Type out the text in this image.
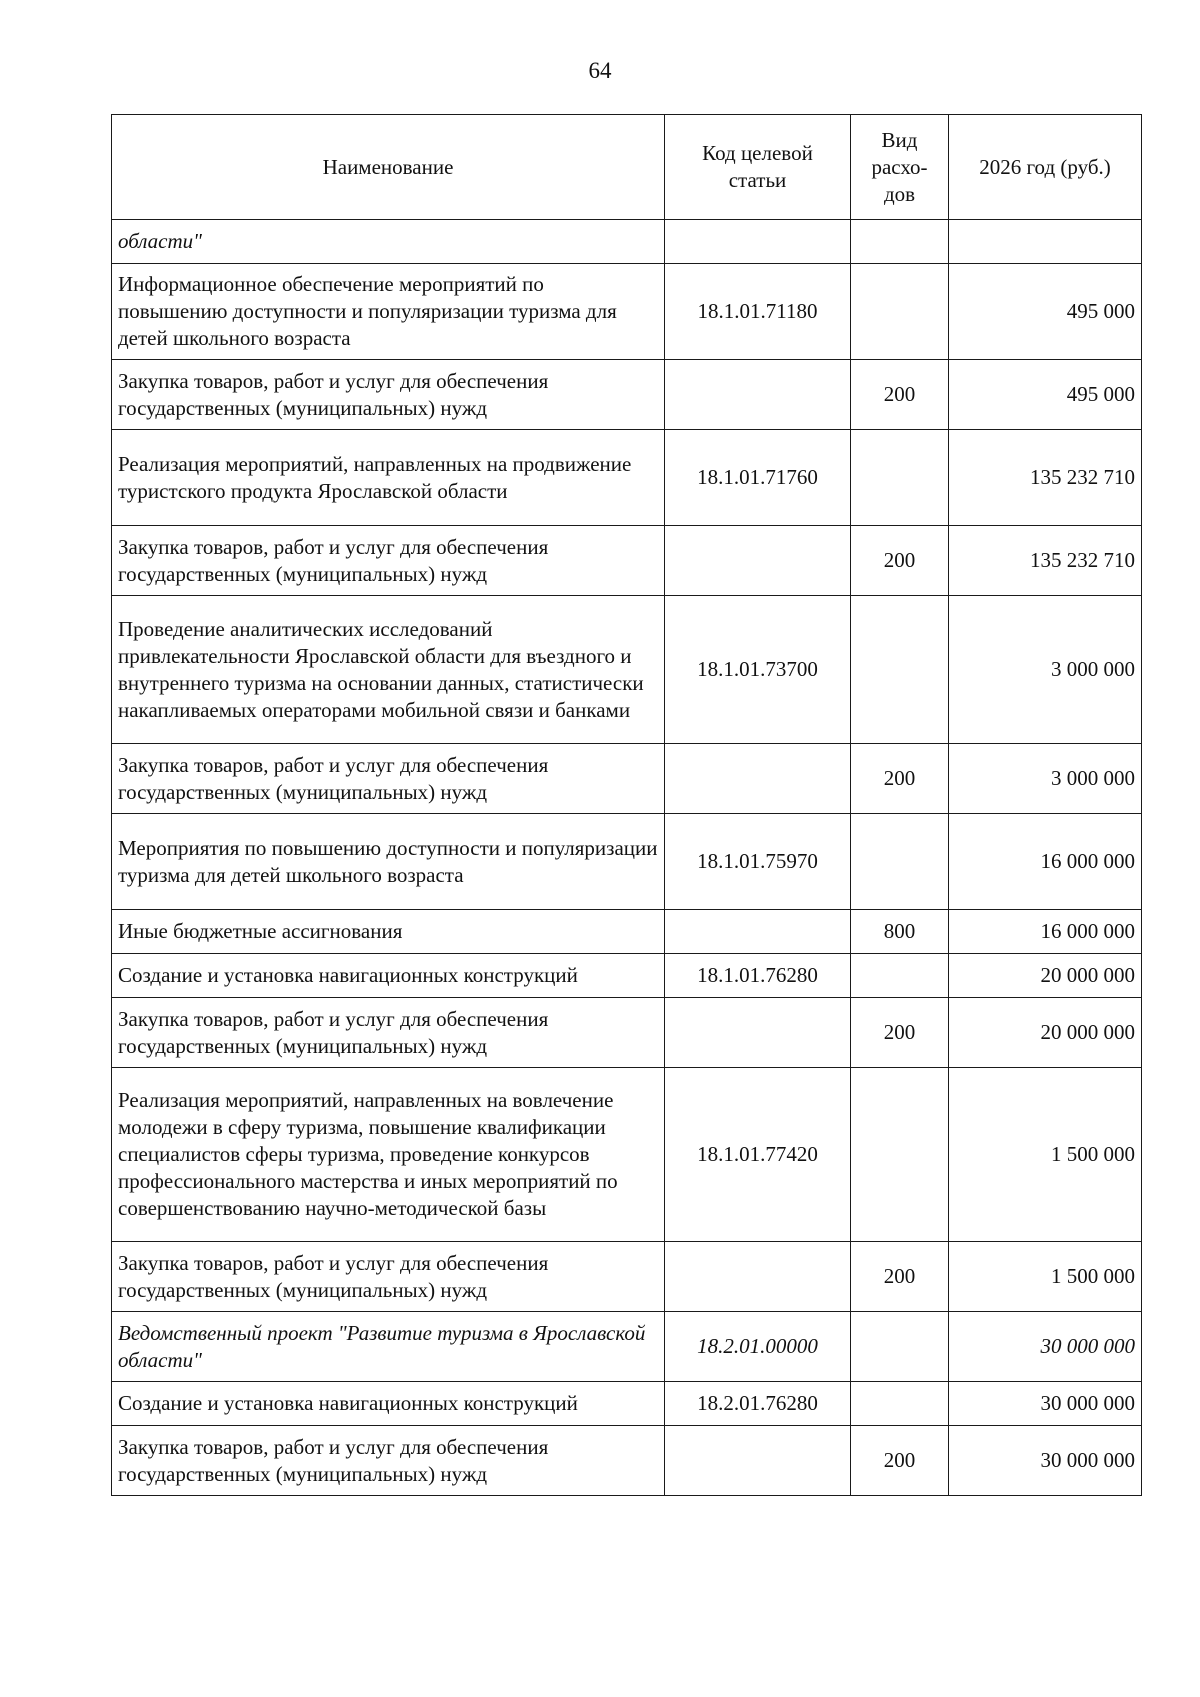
64
Наименование	Код целевой статьи	Вид расхо-дов	2026 год (руб.)
области"			
Информационное обеспечение мероприятий по повышению доступности и популяризации туризма для детей школьного возраста	18.1.01.71180		495 000
Закупка товаров, работ и услуг для обеспечения государственных (муниципальных) нужд		200	495 000
Реализация мероприятий, направленных на продвижение туристского продукта Ярославской области	18.1.01.71760		135 232 710
Закупка товаров, работ и услуг для обеспечения государственных (муниципальных) нужд		200	135 232 710
Проведение аналитических исследований привлекательности Ярославской области для въездного и внутреннего туризма на основании данных, статистически накапливаемых операторами мобильной связи и банками	18.1.01.73700		3 000 000
Закупка товаров, работ и услуг для обеспечения государственных (муниципальных) нужд		200	3 000 000
Мероприятия по повышению доступности и популяризации туризма для детей школьного возраста	18.1.01.75970		16 000 000
Иные бюджетные ассигнования		800	16 000 000
Создание и установка навигационных конструкций	18.1.01.76280		20 000 000
Закупка товаров, работ и услуг для обеспечения государственных (муниципальных) нужд		200	20 000 000
Реализация мероприятий, направленных на вовлечение молодежи в сферу туризма, повышение квалификации специалистов сферы туризма, проведение конкурсов профессионального мастерства и иных мероприятий по совершенствованию научно-методической базы	18.1.01.77420		1 500 000
Закупка товаров, работ и услуг для обеспечения государственных (муниципальных) нужд		200	1 500 000
Ведомственный проект "Развитие туризма в Ярославской области"	18.2.01.00000		30 000 000
Создание и установка навигационных конструкций	18.2.01.76280		30 000 000
Закупка товаров, работ и услуг для обеспечения государственных (муниципальных) нужд		200	30 000 000
